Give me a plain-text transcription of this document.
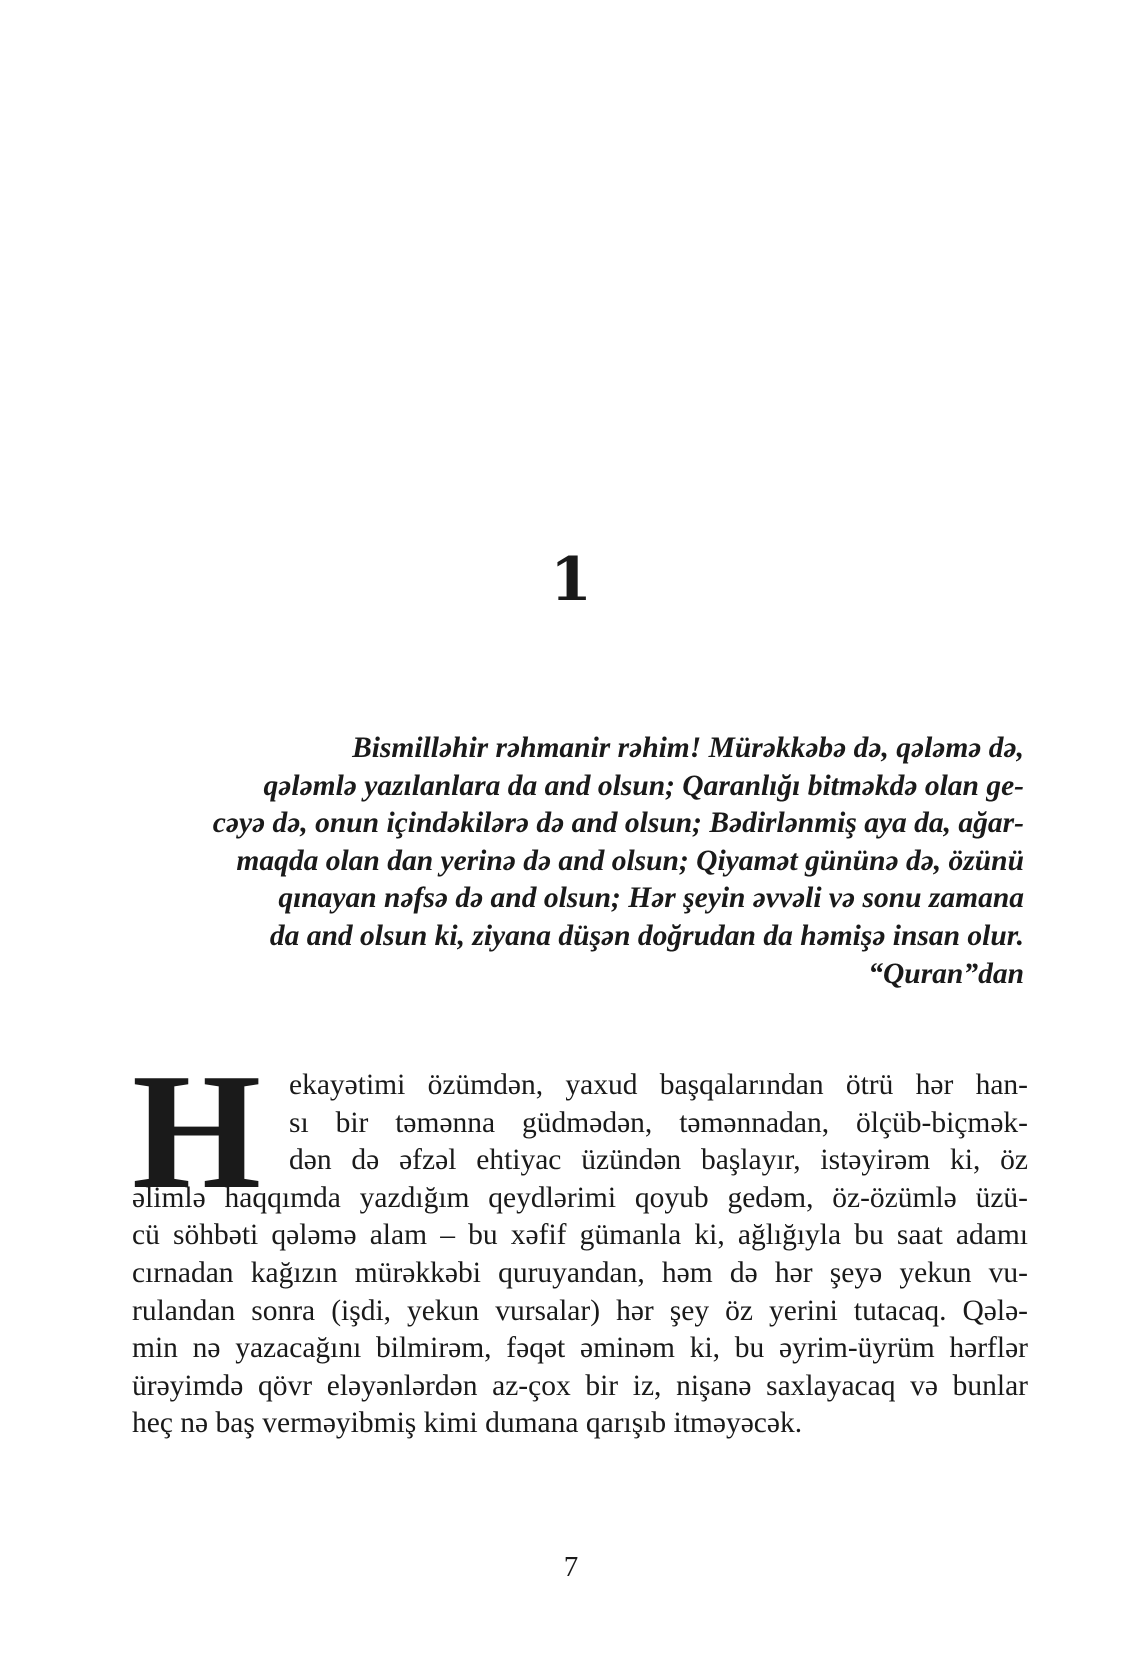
1
Bismilləhir rəhmanir rəhim! Mürəkkəbə də, qələmə də,
qələmlə yazılanlara da and olsun; Qaranlığı bitməkdə olan ge-
cəyə də, onun içindəkilərə də and olsun; Bədirlənmiş aya da, ağar-
maqda olan dan yerinə də and olsun; Qiyamət gününə də, özünü
qınayan nəfsə də and olsun; Hər şeyin əvvəli və sonu zamana
da and olsun ki, ziyana düşən doğrudan da həmişə insan olur.
“Quran”dan
H ekayətimi özümdən, yaxud başqalarından ötrü hər han-
sı bir təmənna güdmədən, təmənnadan, ölçüb-biçmək-
dən də əfzəl ehtiyac üzündən başlayır, istəyirəm ki, öz
əlimlə haqqımda yazdığım qeydlərimi qoyub gedəm, öz-özümlə üzü-
cü söhbəti qələmə alam – bu xəfif gümanla ki, ağlığıyla bu saat adamı
cırnadan kağızın mürəkkəbi quruyandan, həm də hər şeyə yekun vu-
rulandan sonra (işdi, yekun vursalar) hər şey öz yerini tutacaq. Qələ-
min nə yazacağını bilmirəm, fəqət əminəm ki, bu əyrim-üyrüm hərflər
ürəyimdə qövr eləyənlərdən az-çox bir iz, nişanə saxlayacaq və bunlar
heç nə baş verməyibmiş kimi dumana qarışıb itməyəcək.
7
